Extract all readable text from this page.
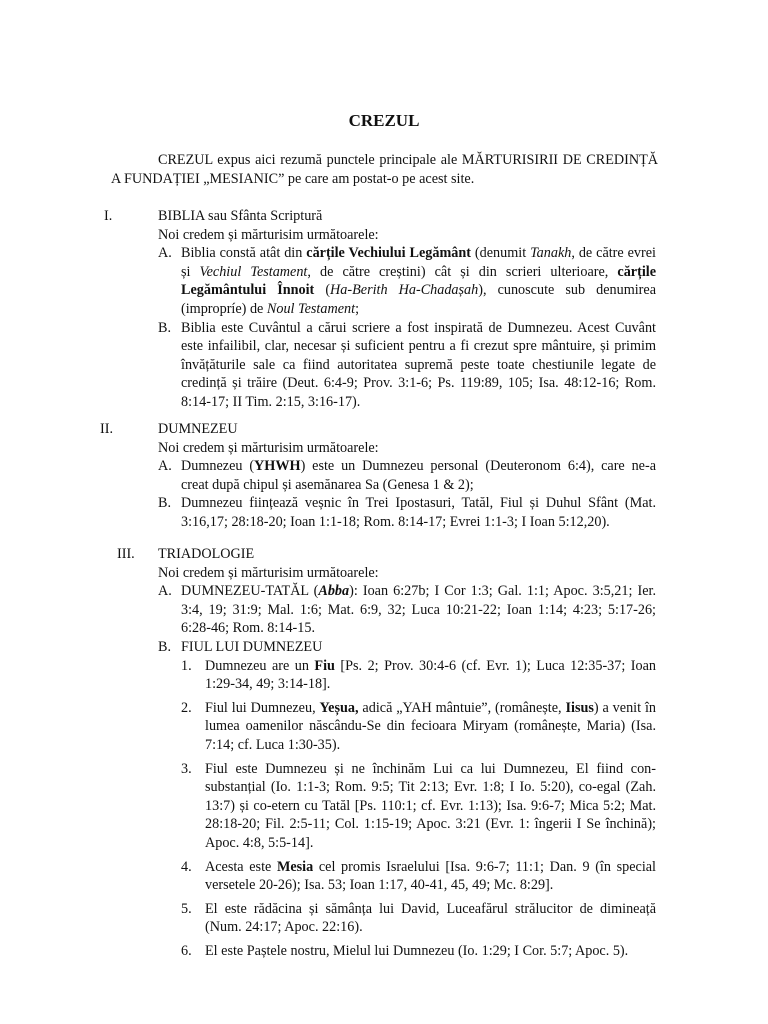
CREZUL
CREZUL expus aici rezumă punctele principale ale MĂRTURISIRII DE CREDINȚĂ A FUNDAȚIEI „MESIANIC” pe care am postat-o pe acest site.
I.	BIBLIA sau Sfânta Scriptură
Noi credem și mărturisim următoarele:
A. Biblia constă atât din cărțile Vechiului Legământ (denumit Tanakh, de către evrei și Vechiul Testament, de către creștini) cât și din scrieri ulterioare, cărțile Legământului Înnoit (Ha-Berith Ha-Chadașah), cunoscute sub denumirea (impropríe) de Noul Testament;
B. Biblia este Cuvântul a cărui scriere a fost inspirată de Dumnezeu. Acest Cuvânt este infailibil, clar, necesar și suficient pentru a fi crezut spre mântuire, și primim învățăturile sale ca fiind autoritatea supremă peste toate chestiunile legate de credință și trăire (Deut. 6:4-9; Prov. 3:1-6; Ps. 119:89, 105; Isa. 48:12-16; Rom. 8:14-17; II Tim. 2:15, 3:16-17).
II.	DUMNEZEU
Noi credem și mărturisim următoarele:
A. Dumnezeu (YHWH) este un Dumnezeu personal (Deuteronom 6:4), care ne-a creat după chipul și asemănarea Sa (Genesa 1 & 2);
B. Dumnezeu ființează veșnic în Trei Ipostasuri, Tatăl, Fiul și Duhul Sfânt (Mat. 3:16,17; 28:18-20; Ioan 1:1-18; Rom. 8:14-17; Evrei 1:1-3; I Ioan 5:12,20).
III.	TRIADOLOGIE
Noi credem și mărturisim următoarele:
A. DUMNEZEU-TATĂL (Abba): Ioan 6:27b; I Cor 1:3; Gal. 1:1; Apoc. 3:5,21; Ier. 3:4, 19; 31:9; Mal. 1:6; Mat. 6:9, 32; Luca 10:21-22; Ioan 1:14; 4:23; 5:17-26; 6:28-46; Rom. 8:14-15.
B. FIUL LUI DUMNEZEU
1. Dumnezeu are un Fiu [Ps. 2; Prov. 30:4-6 (cf. Evr. 1); Luca 12:35-37; Ioan 1:29-34, 49; 3:14-18].
2. Fiul lui Dumnezeu, Yeșua, adică „YAH mântuie”, (românește, Iisus) a venit în lumea oamenilor născându-Se din fecioara Miryam (românește, Maria) (Isa. 7:14; cf. Luca 1:30-35).
3. Fiul este Dumnezeu și ne închinăm Lui ca lui Dumnezeu, El fiind con-substanțial (Io. 1:1-3; Rom. 9:5; Tit 2:13; Evr. 1:8; I Io. 5:20), co-egal (Zah. 13:7) și co-etern cu Tatăl [Ps. 110:1; cf. Evr. 1:13); Isa. 9:6-7; Mica 5:2; Mat. 28:18-20; Fil. 2:5-11; Col. 1:15-19; Apoc. 3:21 (Evr. 1: îngerii I Se închină); Apoc. 4:8, 5:5-14].
4. Acesta este Mesia cel promis Israelului [Isa. 9:6-7; 11:1; Dan. 9 (în special versetele 20-26); Isa. 53; Ioan 1:17, 40-41, 45, 49; Mc. 8:29].
5. El este rădăcina și sămânța lui David, Luceafărul strălucitor de dimineață (Num. 24:17; Apoc. 22:16).
6. El este Paștele nostru, Mielul lui Dumnezeu (Io. 1:29; I Cor. 5:7; Apoc. 5).
